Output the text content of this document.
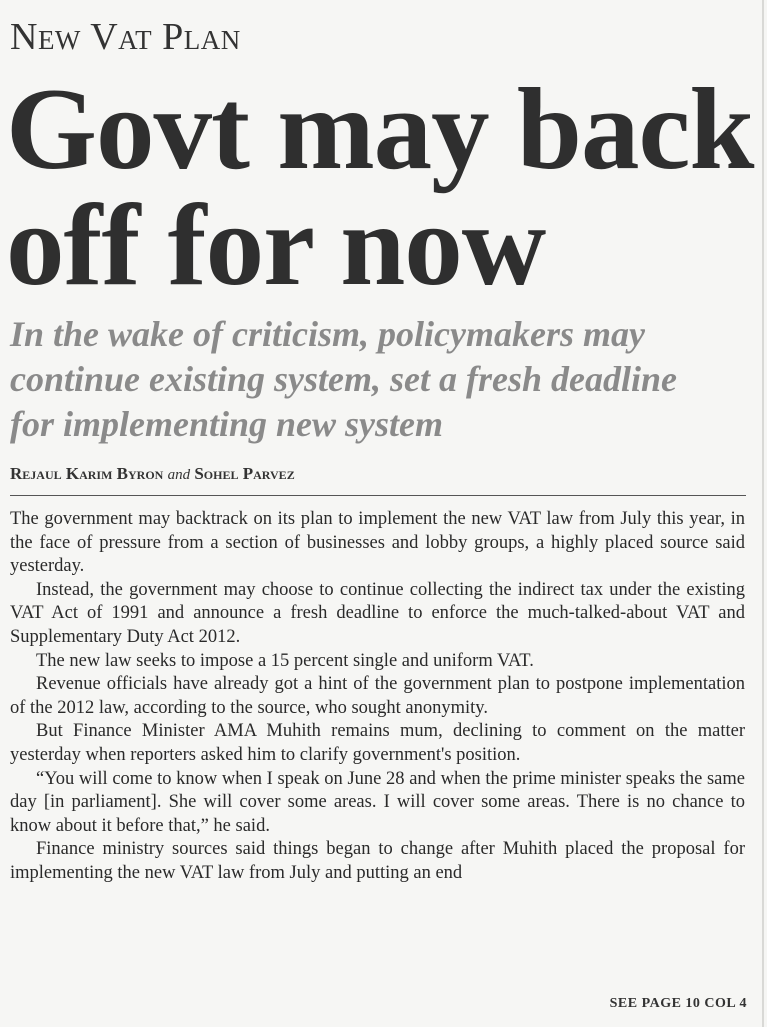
New Vat Plan
Govt may back
off for now
In the wake of criticism, policymakers may
continue existing system, set a fresh deadline
for implementing new system
Rejaul Karim Byron and Sohel Parvez

The government may backtrack on its plan to implement the new VAT law from July this year, in the face of pressure from a section of businesses and lobby groups, a highly placed source said yesterday.

Instead, the government may choose to continue collecting the indirect tax under the existing VAT Act of 1991 and announce a fresh deadline to enforce the much-talked-about VAT and Supplementary Duty Act 2012.

The new law seeks to impose a 15 percent single and uniform VAT.

Revenue officials have already got a hint of the government plan to postpone implementation of the 2012 law, according to the source, who sought anonymity.

But Finance Minister AMA Muhith remains mum, declining to comment on the matter yesterday when reporters asked him to clarify government's position.

“You will come to know when I speak on June 28 and when the prime minister speaks the same day [in parliament]. She will cover some areas. I will cover some areas. There is no chance to know about it before that,” he said.

Finance ministry sources said things began to change after Muhith placed the proposal for implementing the new VAT law from July and putting an end

SEE PAGE 10 COL 4
